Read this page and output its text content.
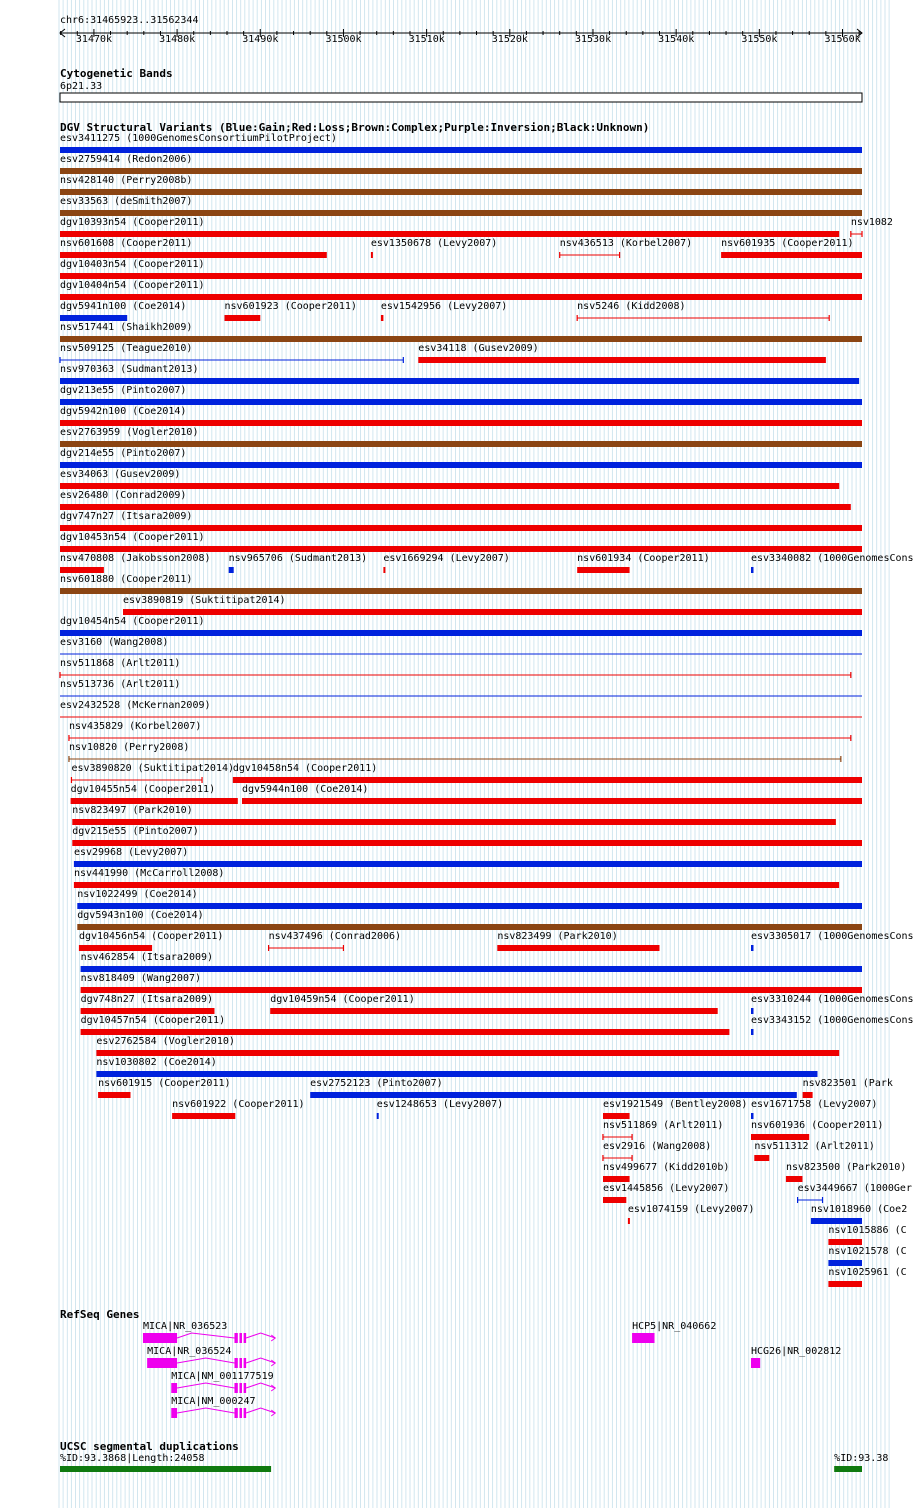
chr6:31465923..31562344
31470k	31480k	31490k	31500k	31510k	31520k	31530k	31540k	31550k	31560k
Cytogenetic Bands
6p21.33
DGV Structural Variants (Blue:Gain;Red:Loss;Brown:Complex;Purple:Inversion;Black:Unknown)
esv3411275 (1000GenomesConsortiumPilotProject)
esv2759414 (Redon2006)
nsv428140 (Perry2008b)
esv33563 (deSmith2007)
dgv10393n54 (Cooper2011)	nsv1082
nsv601608 (Cooper2011)	esv1350678 (Levy2007)	nsv436513 (Korbel2007)	nsv601935 (Cooper2011)
dgv10403n54 (Cooper2011)
dgv10404n54 (Cooper2011)
dgv5941n100 (Coe2014)	nsv601923 (Cooper2011) esv1542956 (Levy2007)	nsv5246 (Kidd2008)
nsv517441 (Shaikh2009)
nsv509125 (Teague2010)	esv34118 (Gusev2009)
nsv970363 (Sudmant2013)
dgv213e55 (Pinto2007)
dgv5942n100 (Coe2014)
esv2763959 (Vogler2010)
dgv214e55 (Pinto2007)
esv34063 (Gusev2009)
esv26480 (Conrad2009)
dgv747n27 (Itsara2009)
dgv10453n54 (Cooper2011)
nsv470808 (Jakobsson2008) nsv965706 (Sudmant2013) esv1669294 (Levy2007)	nsv601934 (Cooper2011)	esv3340082 (1000GenomesCons
nsv601880 (Cooper2011)
esv3890819 (Suktitipat2014)
dgv10454n54 (Cooper2011)
esv3160 (Wang2008)
nsv511868 (Arlt2011)
nsv513736 (Arlt2011)
esv2432528 (McKernan2009)
nsv435829 (Korbel2007)
nsv10820 (Perry2008)
esv3890820 (Suktitipat2014)
dgv10458n54 (Cooper2011)
dgv10455n54 (Cooper2011)	dgv5944n100 (Coe2014)
nsv823497 (Park2010)
dgv215e55 (Pinto2007)
esv29968 (Levy2007)
nsv441990 (McCarroll2008)
nsv1022499 (Coe2014)
dgv5943n100 (Coe2014)
dgv10456n54 (Cooper2011)	nsv437496 (Conrad2006)	nsv823499 (Park2010)	esv3305017 (1000GenomesCons
nsv462854 (Itsara2009)
nsv818409 (Wang2007)
dgv748n27 (Itsara2009)	dgv10459n54 (Cooper2011)	esv3310244 (1000GenomesCons
dgv10457n54 (Cooper2011)	esv3343152 (1000GenomesCons
esv2762584 (Vogler2010)
nsv1030802 (Coe2014)
nsv601915 (Cooper2011)	esv2752123 (Pinto2007)	nsv823501 (Park
nsv601922 (Cooper2011)	esv1248653 (Levy2007)	esv1921549 (Bentley2008) esv1671758 (Levy2007)
nsv511869 (Arlt2011)	nsv601936 (Cooper2011)
esv2916 (Wang2008)	nsv511312 (Arlt2011)
nsv499677 (Kidd2010b)	nsv823500 (Park2010)
esv1445856 (Levy2007)	esv3449667 (1000Ger
esv1074159 (Levy2007)	nsv1018960 (Coe2
nsv1015886 (C
nsv1021578 (C
nsv1025961 (C
RefSeq Genes
MICA|NR_036523
MICA|NR_036524
MICA|NM_001177519
MICA|NM_000247
HCP5|NR_040662
HCG26|NR_002812
UCSC segmental duplications
%ID:93.3868|Length:24058	%ID:93.38
